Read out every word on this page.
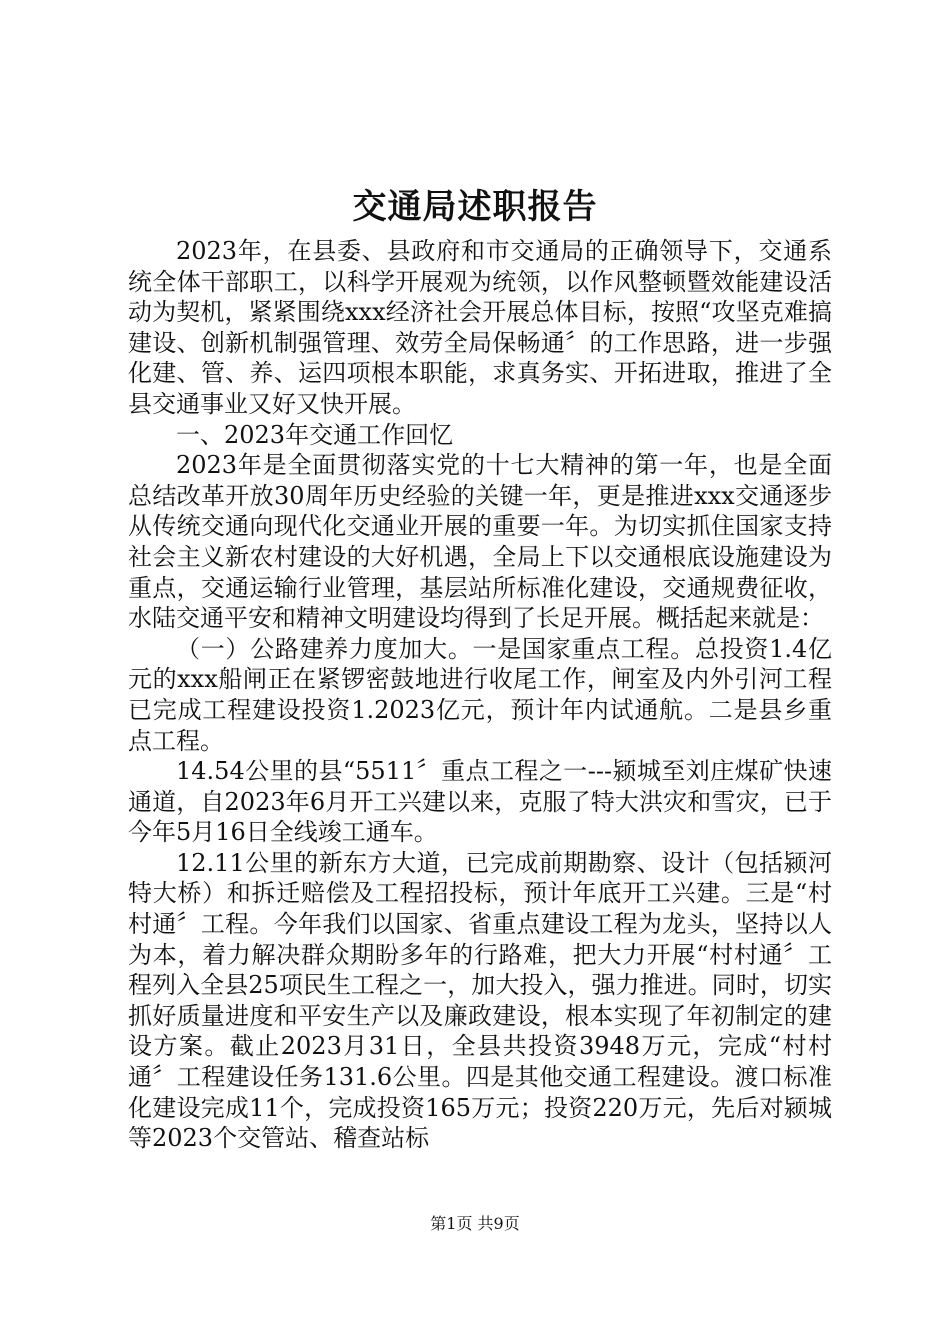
交通局述职报告

2023年，在县委、县政府和市交通局的正确领导下，交通系统全体干部职工，以科学开展观为统领，以作风整顿暨效能建设活动为契机，紧紧围绕xxx经济社会开展总体目标，按照“攻坚克难搞建设、创新机制强管理、效劳全局保畅通〞的工作思路，进一步强化建、管、养、运四项根本职能，求真务实、开拓进取，推进了全县交通事业又好又快开展。

一、2023年交通工作回忆

2023年是全面贯彻落实党的十七大精神的第一年，也是全面总结改革开放30周年历史经验的关键一年，更是推进xxx交通逐步从传统交通向现代化交通业开展的重要一年。为切实抓住国家支持社会主义新农村建设的大好机遇，全局上下以交通根底设施建设为重点，交通运输行业管理，基层站所标准化建设，交通规费征收，水陆交通平安和精神文明建设均得到了长足开展。概括起来就是：

（一）公路建养力度加大。一是国家重点工程。总投资1.4亿元的xxx船闸正在紧锣密鼓地进行收尾工作，闸室及内外引河工程已完成工程建设投资1.2023亿元，预计年内试通航。二是县乡重点工程。

14.54公里的县“5511〞重点工程之一---颍城至刘庄煤矿快速通道，自2023年6月开工兴建以来，克服了特大洪灾和雪灾，已于今年5月16日全线竣工通车。

12.11公里的新东方大道，已完成前期勘察、设计（包括颍河特大桥）和拆迁赔偿及工程招投标，预计年底开工兴建。三是“村村通〞工程。今年我们以国家、省重点建设工程为龙头，坚持以人为本，着力解决群众期盼多年的行路难，把大力开展“村村通〞工程列入全县25项民生工程之一，加大投入，强力推进。同时，切实抓好质量进度和平安生产以及廉政建设，根本实现了年初制定的建设方案。截止2023月31日，全县共投资3948万元，完成“村村通〞工程建设任务131.6公里。四是其他交通工程建设。渡口标准化建设完成11个，完成投资165万元；投资220万元，先后对颍城等2023个交管站、稽查站标

第1页 共9页
